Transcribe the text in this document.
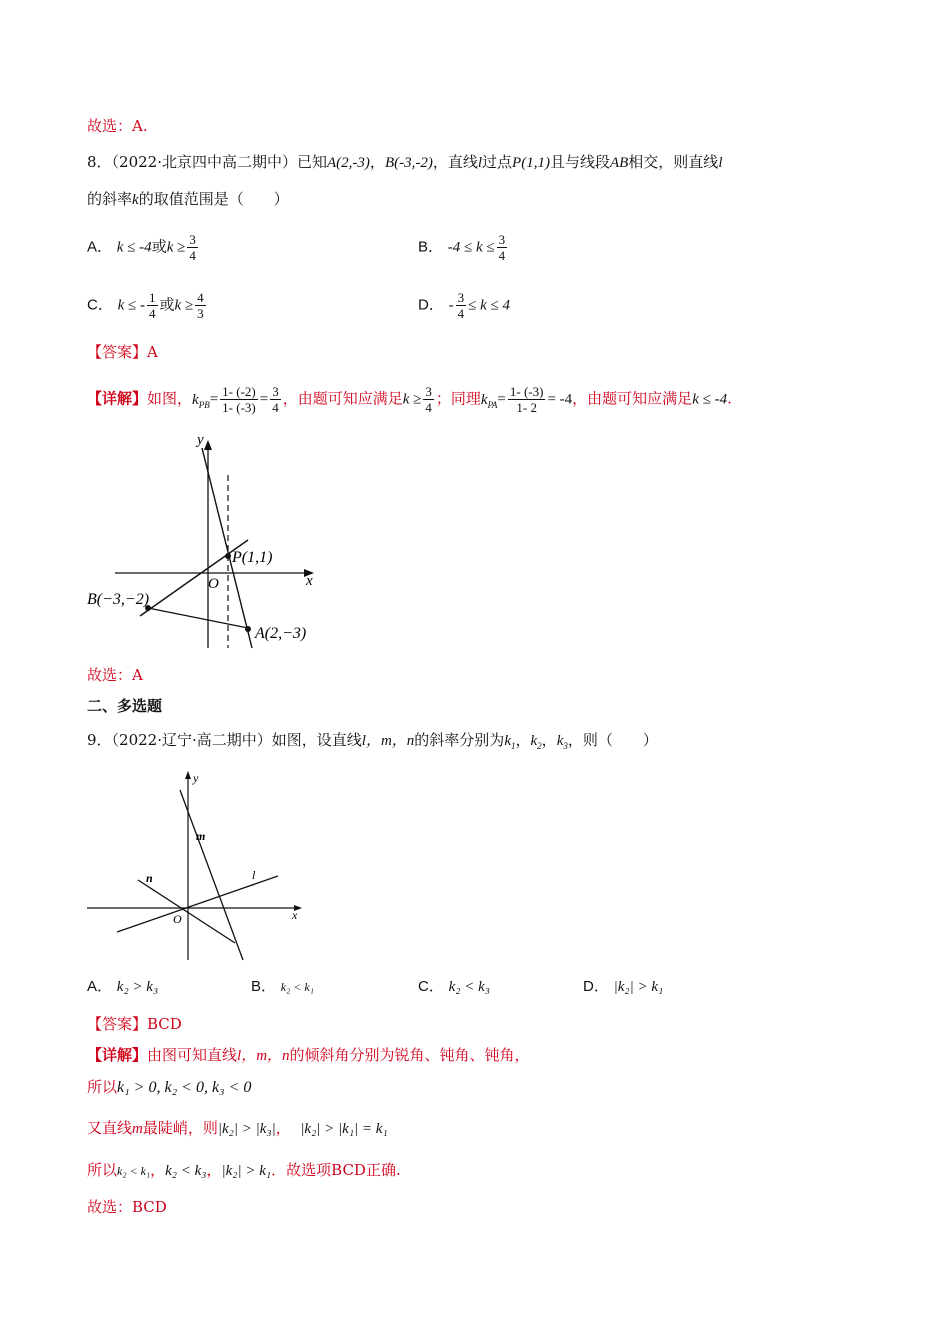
故选：A.
8．（2022·北京四中高二期中）已知A(2,-3)，B(-3,-2)，直线l过点P(1,1)且与线段AB相交，则直线l
的斜率k的取值范围是（　　）
A． k ≤ -4或$k \ge \frac{3}{4}$	B． $-4 \le k \le \frac{3}{4}$
C． k ≤ - $\frac{1}{4}$ 或$k \ge \frac{4}{3}$	D． - $\frac{3}{4} \le k \le 4$
【答案】A
【详解】如图，$k_{PB}= \frac{1- (-2)}{1- (-3)} = \frac{3}{4}$ ，由题可知应满足$k \ge \frac{3}{4}$ ；同理$k_{PA}= \frac{1- (-3)}{1- 2} = -4$，由题可知应满足k ≤ -4.
y
x
O
P(1,1)
B(−3,−2)
A(2,−3)
故选：A
二、多选题
9．（2022·辽宁·高二期中）如图，设直线l，m，n的斜率分别为$k_1$，$k_2$，$k_3$，则（　　）
y
x
O
m
n	l
A． k₂ > k₃	B． k₂ < k₁	C． k₂ < k₃	D． |k₂| > k₁
【答案】BCD
【详解】由图可知直线l，m，n的倾斜角分别为锐角、钝角、钝角，
所以k₁ > 0, k₂ < 0, k₃ < 0
又直线m最陡峭，则|k₂| > |k₃|， |k₂| > |k₁| = k₁
所以k₂ < k₁，k₂ < k₃，|k₂| > k₁．故选项BCD正确.
故选：BCD
